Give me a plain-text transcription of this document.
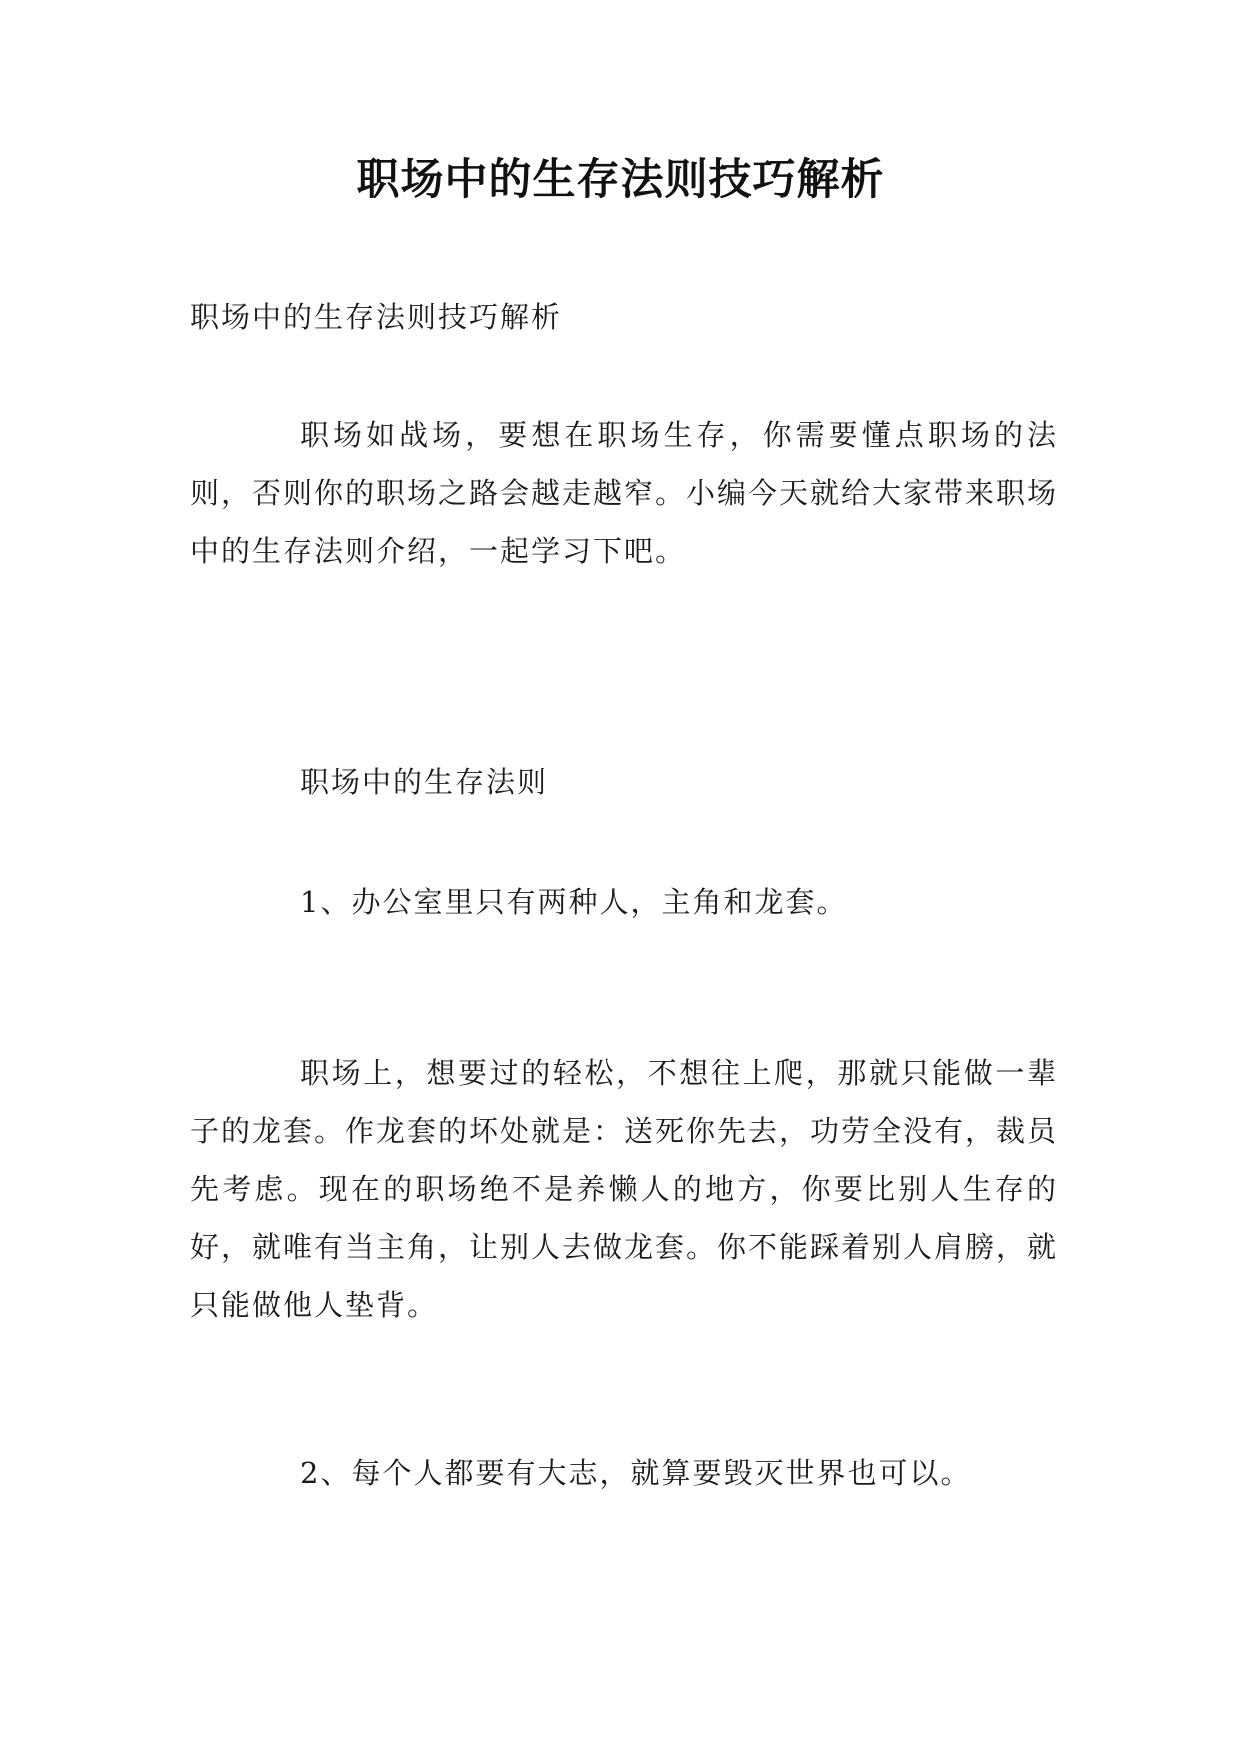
职场中的生存法则技巧解析
职场中的生存法则技巧解析
职场如战场，要想在职场生存，你需要懂点职场的法则，否则你的职场之路会越走越窄。小编今天就给大家带来职场中的生存法则介绍，一起学习下吧。
职场中的生存法则
1、办公室里只有两种人，主角和龙套。
职场上，想要过的轻松，不想往上爬，那就只能做一辈子的龙套。作龙套的坏处就是：送死你先去，功劳全没有，裁员先考虑。现在的职场绝不是养懒人的地方，你要比别人生存的好，就唯有当主角，让别人去做龙套。你不能踩着别人肩膀，就只能做他人垫背。
2、每个人都要有大志，就算要毁灭世界也可以。
